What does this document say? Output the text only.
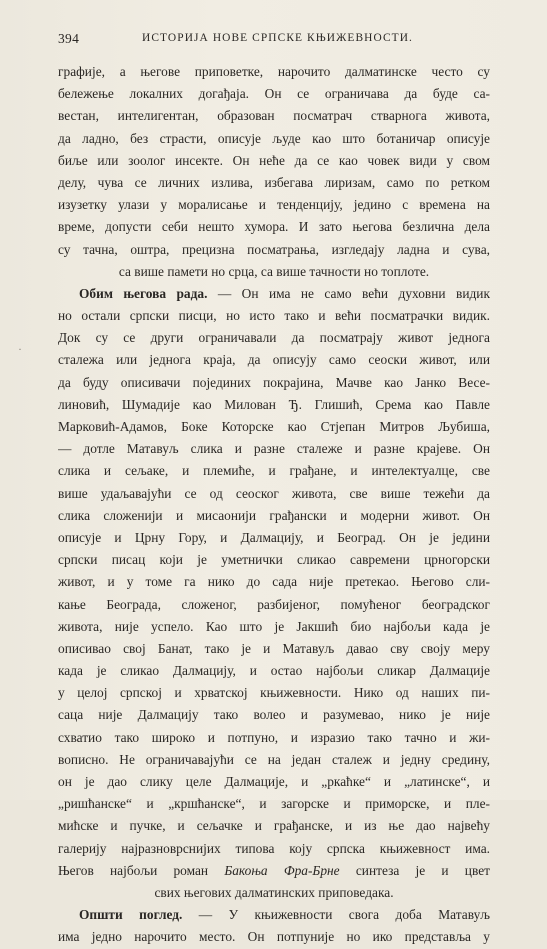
394	ИСТОРИЈА НОВЕ СРПСКЕ КЊИЖЕВНОСТИ.
·
графије, а његове приповетке, нарочито далматинске често су
бележење локалних догађаја. Он се ограничава да буде са-
вестан, интелигентан, образован посматрач стварнога живота,
да ладно, без страсти, описује људе као што ботаничар описује
биље или зоолог инсекте. Он неће да се као човек види у свом
делу, чува се личних излива, избегава лиризам, само по ретком
изузетку улази у моралисање и тенденцију, једино с времена на
време, допусти себи нешто хумора. И зато његова безлична дела
су тачна, оштра, прецизна посматрања, изгледају ладна и сува,
са више памети но срца, са више тачности но топлоте.
Обим његова рада. — Он има не само већи духовни видик
но остали српски писци, но исто тако и већи посматрачки видик.
Док су се други ограничавали да посматрају живот једнога
сталежа или једнога краја, да описују само сеоски живот, или
да буду описивачи појединих покрајина, Мачве као Јанко Весе-
линовић, Шумадије као Милован Ђ. Глишић, Срема као Павле
Марковић-Адамов, Боке Которске као Стјепан Митров Љубиша,
— дотле Матавуљ слика и разне сталеже и разне крајеве. Он
слика и сељаке, и племиће, и грађане, и интелектуалце, све
више удаљавајући се од сеоског живота, све више тежећи да
слика сложенији и мисаонији грађански и модерни живот. Он
описује и Црну Гору, и Далмацију, и Београд. Он је једини
српски писац који је уметнички сликао савремени црногорски
живот, и у томе га нико до сада није претекао. Његово сли-
кање Београда, сложеног, разбијеног, помућеног београдског
живота, није успело. Као што је Јакшић био најбољи када је
описивао свој Банат, тако је и Матавуљ давао сву своју меру
када је сликао Далмацију, и остао најбољи сликар Далмације
у целој српској и хрватској књижевности. Нико од наших пи-
саца није Далмацију тако волео и разумевао, нико је није
схватио тако широко и потпуно, и изразио тако тачно и жи-
вописно. Не ограничавајући се на један сталеж и једну средину,
он је дао слику целе Далмације, и „ркаћке“ и „латинске“, и
„ришћанске“ и „кршћанске“, и загорске и приморске, и пле-
мићске и пучке, и сељачке и грађанске, и из ње дао највећу
галерију најразноврснијих типова коју српска књижевност има.
Његов најбољи роман Бакоња Фра-Брне синтеза је и цвет
свих његових далматинских приповедака.
Општи поглед. — У књижевности свога доба Матавуљ
има једно нарочито место. Он потпуније но ико представља у
